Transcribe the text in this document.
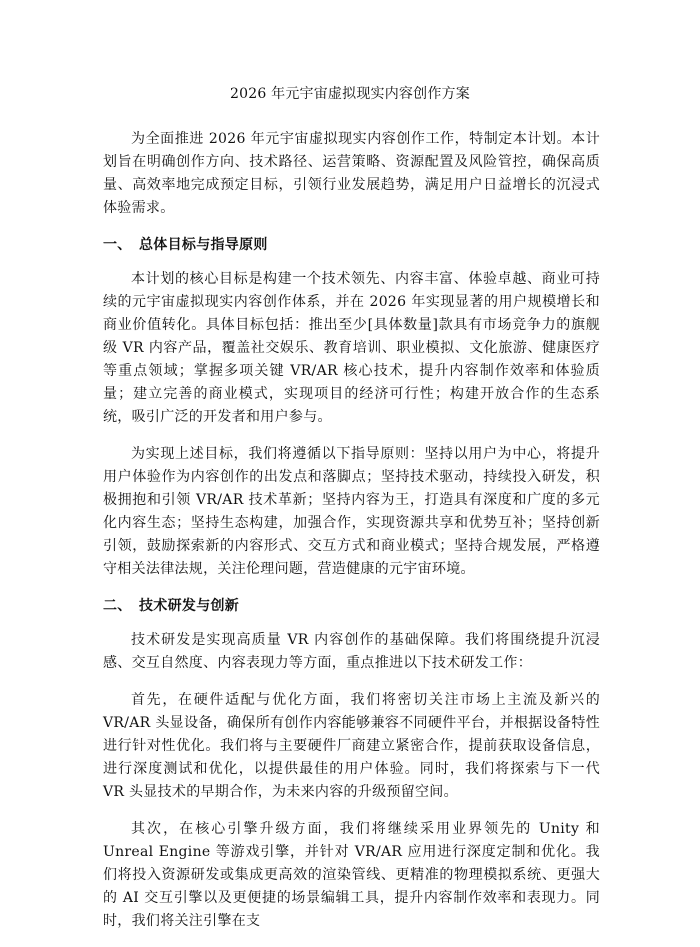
2026 年元宇宙虚拟现实内容创作方案

为全面推进 2026 年元宇宙虚拟现实内容创作工作，特制定本计划。本计划旨在明确创作方向、技术路径、运营策略、资源配置及风险管控，确保高质量、高效率地完成预定目标，引领行业发展趋势，满足用户日益增长的沉浸式体验需求。

一、 总体目标与指导原则

本计划的核心目标是构建一个技术领先、内容丰富、体验卓越、商业可持续的元宇宙虚拟现实内容创作体系，并在 2026 年实现显著的用户规模增长和商业价值转化。具体目标包括：推出至少[具体数量]款具有市场竞争力的旗舰级 VR 内容产品，覆盖社交娱乐、教育培训、职业模拟、文化旅游、健康医疗等重点领域；掌握多项关键 VR/AR 核心技术，提升内容制作效率和体验质量；建立完善的商业模式，实现项目的经济可行性；构建开放合作的生态系统，吸引广泛的开发者和用户参与。

为实现上述目标，我们将遵循以下指导原则：坚持以用户为中心，将提升用户体验作为内容创作的出发点和落脚点；坚持技术驱动，持续投入研发，积极拥抱和引领 VR/AR 技术革新；坚持内容为王，打造具有深度和广度的多元化内容生态；坚持生态构建，加强合作，实现资源共享和优势互补；坚持创新引领，鼓励探索新的内容形式、交互方式和商业模式；坚持合规发展，严格遵守相关法律法规，关注伦理问题，营造健康的元宇宙环境。

二、 技术研发与创新

技术研发是实现高质量 VR 内容创作的基础保障。我们将围绕提升沉浸感、交互自然度、内容表现力等方面，重点推进以下技术研发工作：

首先，在硬件适配与优化方面，我们将密切关注市场上主流及新兴的 VR/AR 头显设备，确保所有创作内容能够兼容不同硬件平台，并根据设备特性进行针对性优化。我们将与主要硬件厂商建立紧密合作，提前获取设备信息，进行深度测试和优化，以提供最佳的用户体验。同时，我们将探索与下一代 VR 头显技术的早期合作，为未来内容的升级预留空间。

其次，在核心引擎升级方面，我们将继续采用业界领先的 Unity 和 Unreal Engine 等游戏引擎，并针对 VR/AR 应用进行深度定制和优化。我们将投入资源研发或集成更高效的渲染管线、更精准的物理模拟系统、更强大的 AI 交互引擎以及更便捷的场景编辑工具，提升内容制作效率和表现力。同时，我们将关注引擎在支
